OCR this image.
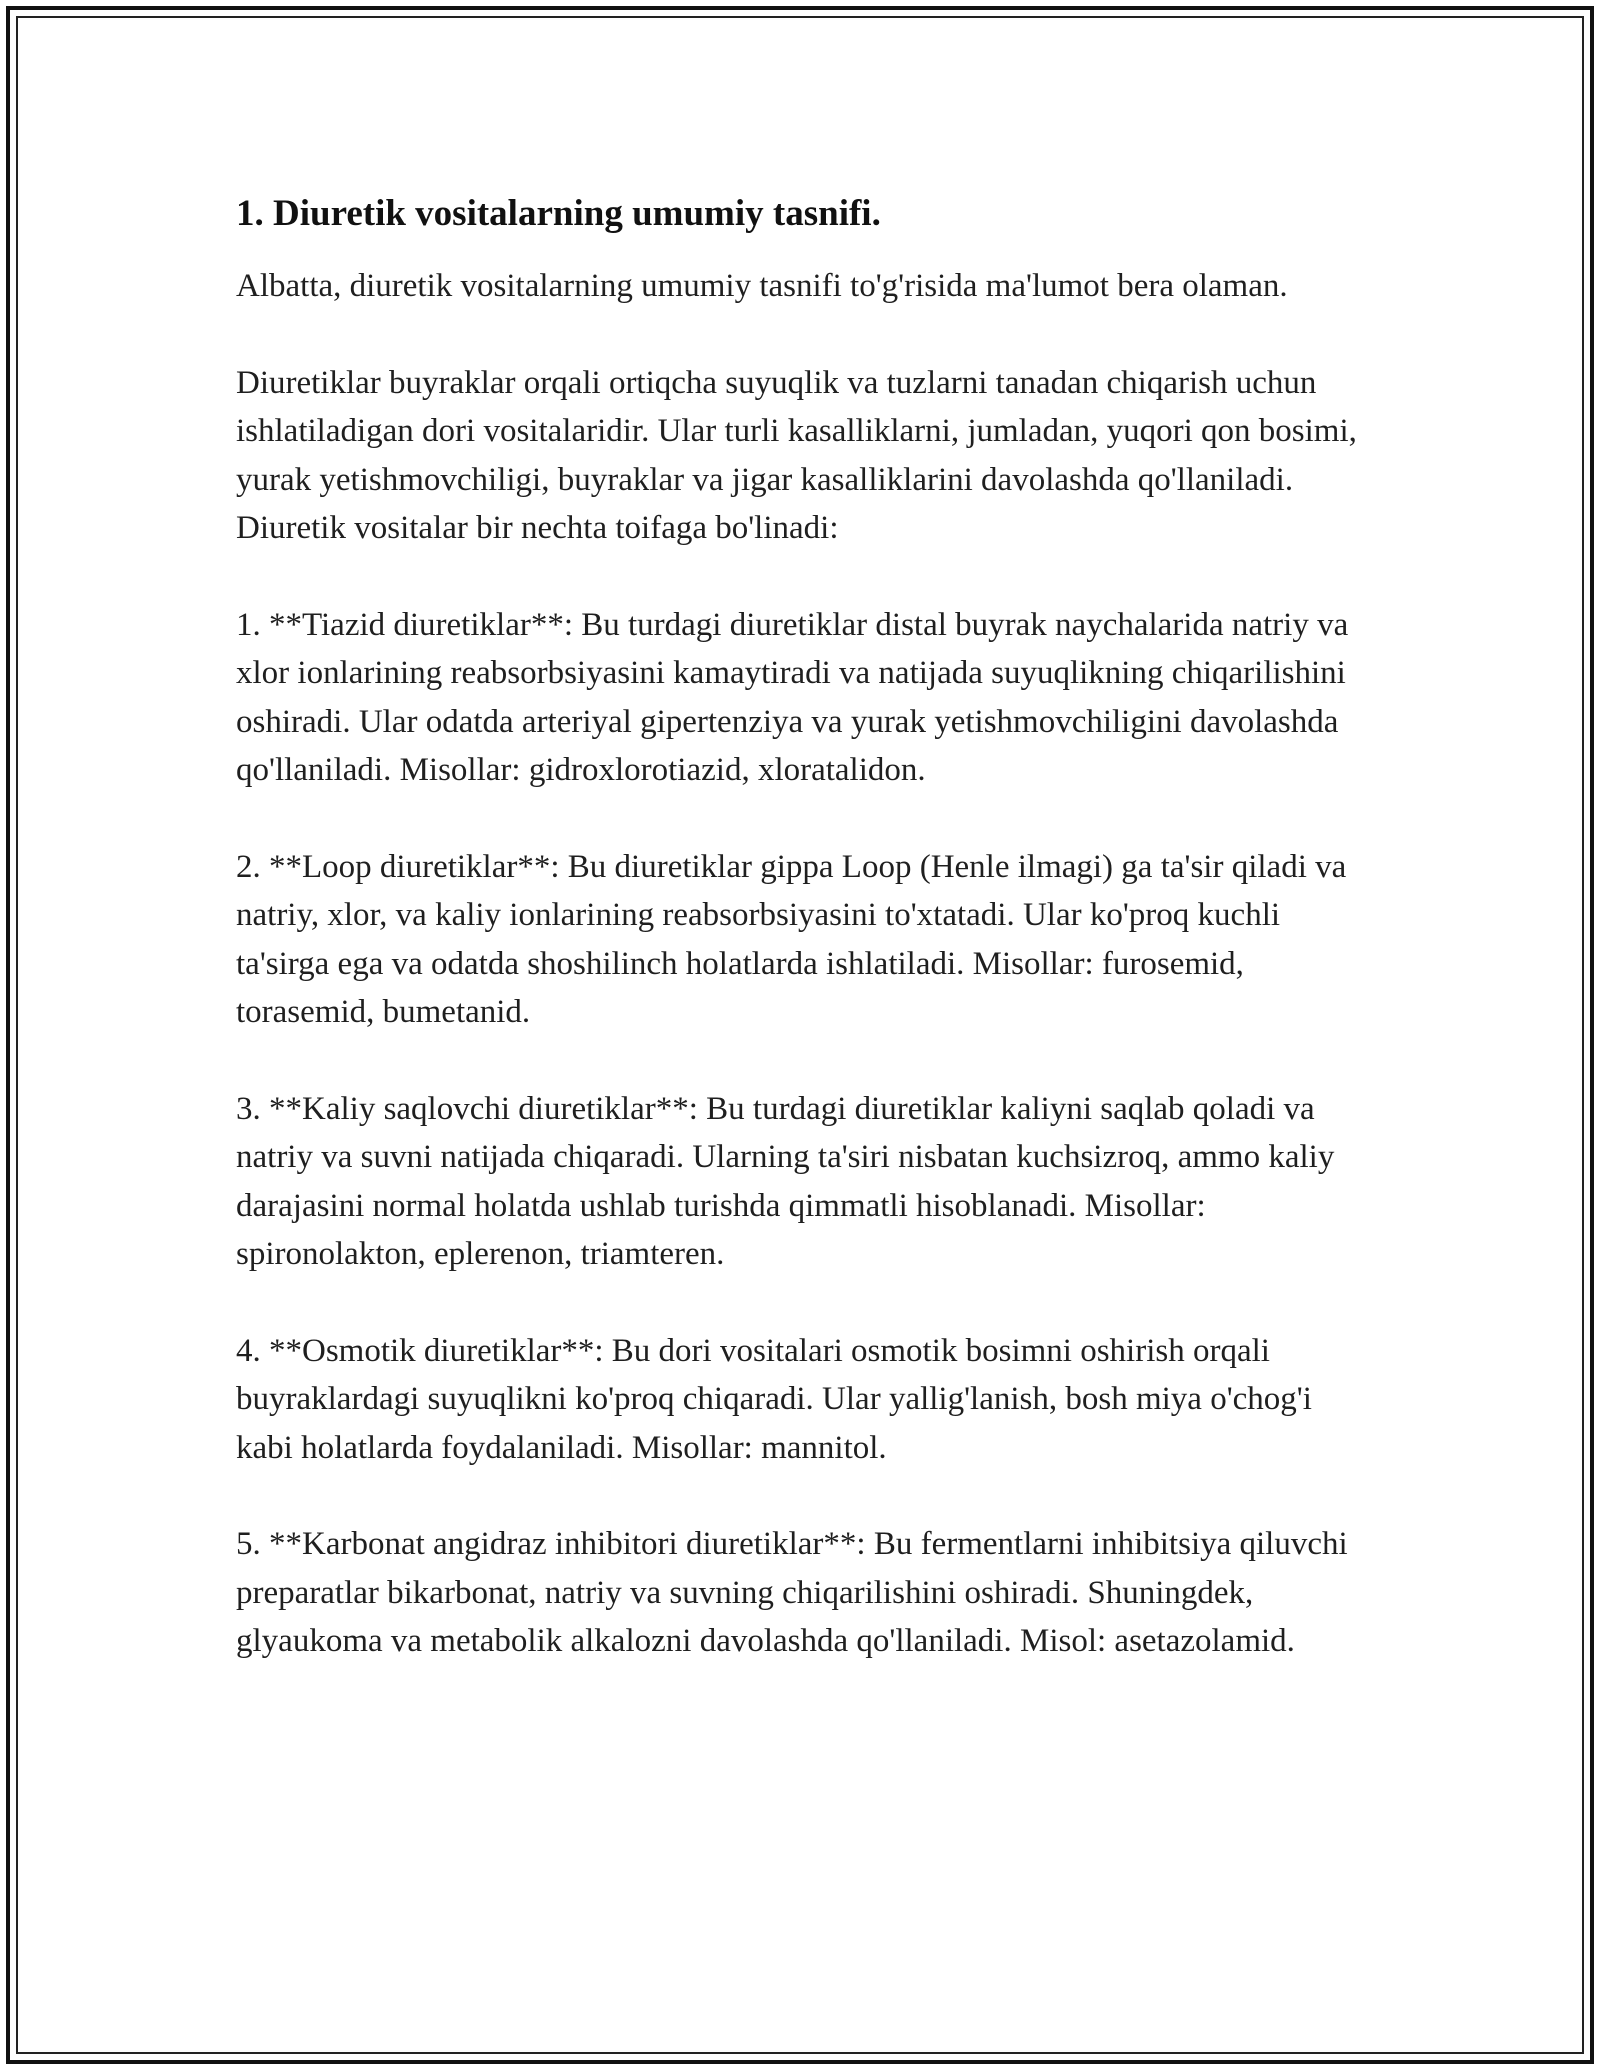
1. Diuretik vositalarning umumiy tasnifi.

Albatta, diuretik vositalarning umumiy tasnifi to'g'risida ma'lumot bera olaman.

Diuretiklar buyraklar orqali ortiqcha suyuqlik va tuzlarni tanadan chiqarish uchun ishlatiladigan dori vositalaridir. Ular turli kasalliklarni, jumladan, yuqori qon bosimi, yurak yetishmovchiligi, buyraklar va jigar kasalliklarini davolashda qo'llaniladi. Diuretik vositalar bir nechta toifaga bo'linadi:

1. **Tiazid diuretiklar**: Bu turdagi diuretiklar distal buyrak naychalarida natriy va xlor ionlarining reabsorbsiyasini kamaytiradi va natijada suyuqlikning chiqarilishini oshiradi. Ular odatda arteriyal gipertenziya va yurak yetishmovchiligini davolashda qo'llaniladi. Misollar: gidroxlorotiazid, xloratalidon.

2. **Loop diuretiklar**: Bu diuretiklar gippa Loop (Henle ilmagi) ga ta'sir qiladi va natriy, xlor, va kaliy ionlarining reabsorbsiyasini to'xtatadi. Ular ko'proq kuchli ta'sirga ega va odatda shoshilinch holatlarda ishlatiladi. Misollar: furosemid, torasemid, bumetanid.

3. **Kaliy saqlovchi diuretiklar**: Bu turdagi diuretiklar kaliyni saqlab qoladi va natriy va suvni natijada chiqaradi. Ularning ta'siri nisbatan kuchsizroq, ammo kaliy darajasini normal holatda ushlab turishda qimmatli hisoblanadi. Misollar: spironolakton, eplerenon, triamteren.

4. **Osmotik diuretiklar**: Bu dori vositalari osmotik bosimni oshirish orqali buyraklardagi suyuqlikni ko'proq chiqaradi. Ular yallig'lanish, bosh miya o'chog'i kabi holatlarda foydalaniladi. Misollar: mannitol.

5. **Karbonat angidraz inhibitori diuretiklar**: Bu fermentlarni inhibitsiya qiluvchi preparatlar bikarbonat, natriy va suvning chiqarilishini oshiradi. Shuningdek, glyaukoma va metabolik alkalozni davolashda qo'llaniladi. Misol: asetazolamid.
